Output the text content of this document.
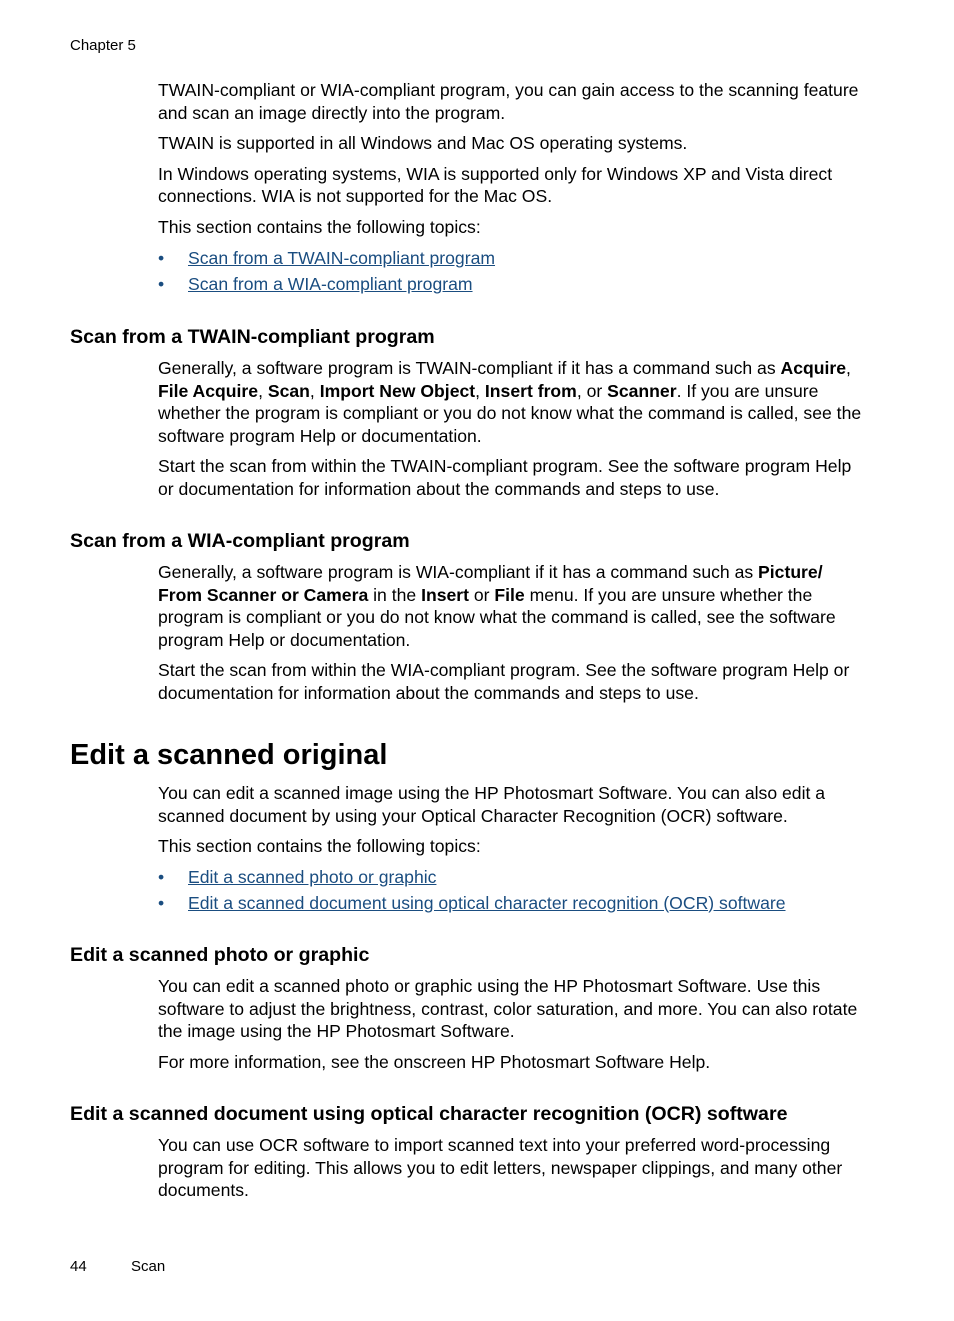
Chapter 5

TWAIN-compliant or WIA-compliant program, you can gain access to the scanning feature and scan an image directly into the program.

TWAIN is supported in all Windows and Mac OS operating systems.

In Windows operating systems, WIA is supported only for Windows XP and Vista direct connections. WIA is not supported for the Mac OS.

This section contains the following topics:

• Scan from a TWAIN-compliant program
• Scan from a WIA-compliant program
Scan from a TWAIN-compliant program

Generally, a software program is TWAIN-compliant if it has a command such as Acquire, File Acquire, Scan, Import New Object, Insert from, or Scanner. If you are unsure whether the program is compliant or you do not know what the command is called, see the software program Help or documentation.

Start the scan from within the TWAIN-compliant program. See the software program Help or documentation for information about the commands and steps to use.

Scan from a WIA-compliant program

Generally, a software program is WIA-compliant if it has a command such as Picture/ From Scanner or Camera in the Insert or File menu. If you are unsure whether the program is compliant or you do not know what the command is called, see the software program Help or documentation.

Start the scan from within the WIA-compliant program. See the software program Help or documentation for information about the commands and steps to use.

Edit a scanned original

You can edit a scanned image using the HP Photosmart Software. You can also edit a scanned document by using your Optical Character Recognition (OCR) software.

This section contains the following topics:

• Edit a scanned photo or graphic
• Edit a scanned document using optical character recognition (OCR) software
Edit a scanned photo or graphic

You can edit a scanned photo or graphic using the HP Photosmart Software. Use this software to adjust the brightness, contrast, color saturation, and more. You can also rotate the image using the HP Photosmart Software.

For more information, see the onscreen HP Photosmart Software Help.

Edit a scanned document using optical character recognition (OCR) software

You can use OCR software to import scanned text into your preferred word-processing program for editing. This allows you to edit letters, newspaper clippings, and many other documents.

44	Scan
